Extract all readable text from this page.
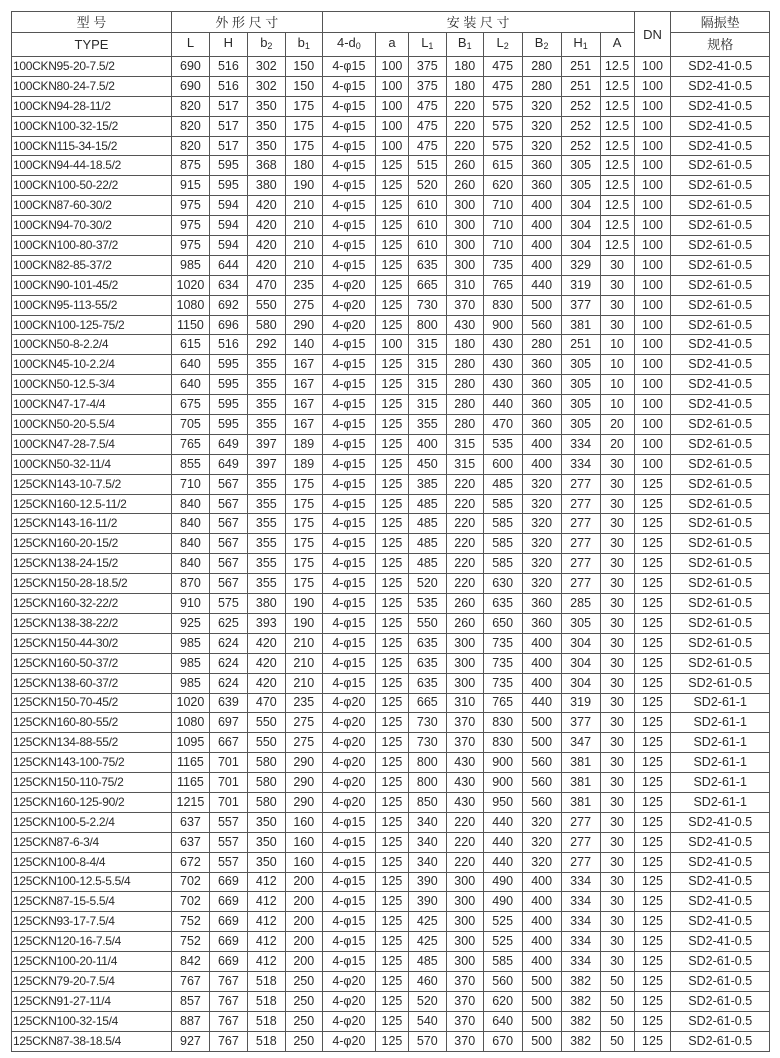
型 号	外 形 尺 寸				安 装 尺 寸								DN	隔振垫
TYPE	L	H	$b_2$	$b_1$	$4-d_0$	a	$L_1$	$B_1$	$L_2$	$B_2$	$H_1$	A		规格
100CKN95-20-7.5/2	690	516	302	150	4-φ15	100	375	180	475	280	251	12.5	100	SD2-41-0.5
100CKN80-24-7.5/2	690	516	302	150	4-φ15	100	375	180	475	280	251	12.5	100	SD2-41-0.5
100CKN94-28-11/2	820	517	350	175	4-φ15	100	475	220	575	320	252	12.5	100	SD2-41-0.5
100CKN100-32-15/2	820	517	350	175	4-φ15	100	475	220	575	320	252	12.5	100	SD2-41-0.5
100CKN115-34-15/2	820	517	350	175	4-φ15	100	475	220	575	320	252	12.5	100	SD2-41-0.5
100CKN94-44-18.5/2	875	595	368	180	4-φ15	125	515	260	615	360	305	12.5	100	SD2-61-0.5
100CKN100-50-22/2	915	595	380	190	4-φ15	125	520	260	620	360	305	12.5	100	SD2-61-0.5
100CKN87-60-30/2	975	594	420	210	4-φ15	125	610	300	710	400	304	12.5	100	SD2-61-0.5
100CKN94-70-30/2	975	594	420	210	4-φ15	125	610	300	710	400	304	12.5	100	SD2-61-0.5
100CKN100-80-37/2	975	594	420	210	4-φ15	125	610	300	710	400	304	12.5	100	SD2-61-0.5
100CKN82-85-37/2	985	644	420	210	4-φ15	125	635	300	735	400	329	30	100	SD2-61-0.5
100CKN90-101-45/2	1020	634	470	235	4-φ20	125	665	310	765	440	319	30	100	SD2-61-0.5
100CKN95-113-55/2	1080	692	550	275	4-φ20	125	730	370	830	500	377	30	100	SD2-61-0.5
100CKN100-125-75/2	1150	696	580	290	4-φ20	125	800	430	900	560	381	30	100	SD2-61-0.5
100CKN50-8-2.2/4	615	516	292	140	4-φ15	100	315	180	430	280	251	10	100	SD2-41-0.5
100CKN45-10-2.2/4	640	595	355	167	4-φ15	125	315	280	430	360	305	10	100	SD2-41-0.5
100CKN50-12.5-3/4	640	595	355	167	4-φ15	125	315	280	430	360	305	10	100	SD2-41-0.5
100CKN47-17-4/4	675	595	355	167	4-φ15	125	315	280	440	360	305	10	100	SD2-41-0.5
100CKN50-20-5.5/4	705	595	355	167	4-φ15	125	355	280	470	360	305	20	100	SD2-61-0.5
100CKN47-28-7.5/4	765	649	397	189	4-φ15	125	400	315	535	400	334	20	100	SD2-61-0.5
100CKN50-32-11/4	855	649	397	189	4-φ15	125	450	315	600	400	334	30	100	SD2-61-0.5
125CKN143-10-7.5/2	710	567	355	175	4-φ15	125	385	220	485	320	277	30	125	SD2-61-0.5
125CKN160-12.5-11/2	840	567	355	175	4-φ15	125	485	220	585	320	277	30	125	SD2-61-0.5
125CKN143-16-11/2	840	567	355	175	4-φ15	125	485	220	585	320	277	30	125	SD2-61-0.5
125CKN160-20-15/2	840	567	355	175	4-φ15	125	485	220	585	320	277	30	125	SD2-61-0.5
125CKN138-24-15/2	840	567	355	175	4-φ15	125	485	220	585	320	277	30	125	SD2-61-0.5
125CKN150-28-18.5/2	870	567	355	175	4-φ15	125	520	220	630	320	277	30	125	SD2-61-0.5
125CKN160-32-22/2	910	575	380	190	4-φ15	125	535	260	635	360	285	30	125	SD2-61-0.5
125CKN138-38-22/2	925	625	393	190	4-φ15	125	550	260	650	360	305	30	125	SD2-61-0.5
125CKN150-44-30/2	985	624	420	210	4-φ15	125	635	300	735	400	304	30	125	SD2-61-0.5
125CKN160-50-37/2	985	624	420	210	4-φ15	125	635	300	735	400	304	30	125	SD2-61-0.5
125CKN138-60-37/2	985	624	420	210	4-φ15	125	635	300	735	400	304	30	125	SD2-61-0.5
125CKN150-70-45/2	1020	639	470	235	4-φ20	125	665	310	765	440	319	30	125	SD2-61-1
125CKN160-80-55/2	1080	697	550	275	4-φ20	125	730	370	830	500	377	30	125	SD2-61-1
125CKN134-88-55/2	1095	667	550	275	4-φ20	125	730	370	830	500	347	30	125	SD2-61-1
125CKN143-100-75/2	1165	701	580	290	4-φ20	125	800	430	900	560	381	30	125	SD2-61-1
125CKN150-110-75/2	1165	701	580	290	4-φ20	125	800	430	900	560	381	30	125	SD2-61-1
125CKN160-125-90/2	1215	701	580	290	4-φ20	125	850	430	950	560	381	30	125	SD2-61-1
125CKN100-5-2.2/4	637	557	350	160	4-φ15	125	340	220	440	320	277	30	125	SD2-41-0.5
125CKN87-6-3/4	637	557	350	160	4-φ15	125	340	220	440	320	277	30	125	SD2-41-0.5
125CKN100-8-4/4	672	557	350	160	4-φ15	125	340	220	440	320	277	30	125	SD2-41-0.5
125CKN100-12.5-5.5/4	702	669	412	200	4-φ15	125	390	300	490	400	334	30	125	SD2-41-0.5
125CKN87-15-5.5/4	702	669	412	200	4-φ15	125	390	300	490	400	334	30	125	SD2-41-0.5
125CKN93-17-7.5/4	752	669	412	200	4-φ15	125	425	300	525	400	334	30	125	SD2-41-0.5
125CKN120-16-7.5/4	752	669	412	200	4-φ15	125	425	300	525	400	334	30	125	SD2-41-0.5
125CKN100-20-11/4	842	669	412	200	4-φ15	125	485	300	585	400	334	30	125	SD2-61-0.5
125CKN79-20-7.5/4	767	767	518	250	4-φ20	125	460	370	560	500	382	50	125	SD2-61-0.5
125CKN91-27-11/4	857	767	518	250	4-φ20	125	520	370	620	500	382	50	125	SD2-61-0.5
125CKN100-32-15/4	887	767	518	250	4-φ20	125	540	370	640	500	382	50	125	SD2-61-0.5
125CKN87-38-18.5/4	927	767	518	250	4-φ20	125	570	370	670	500	382	50	125	SD2-61-0.5
